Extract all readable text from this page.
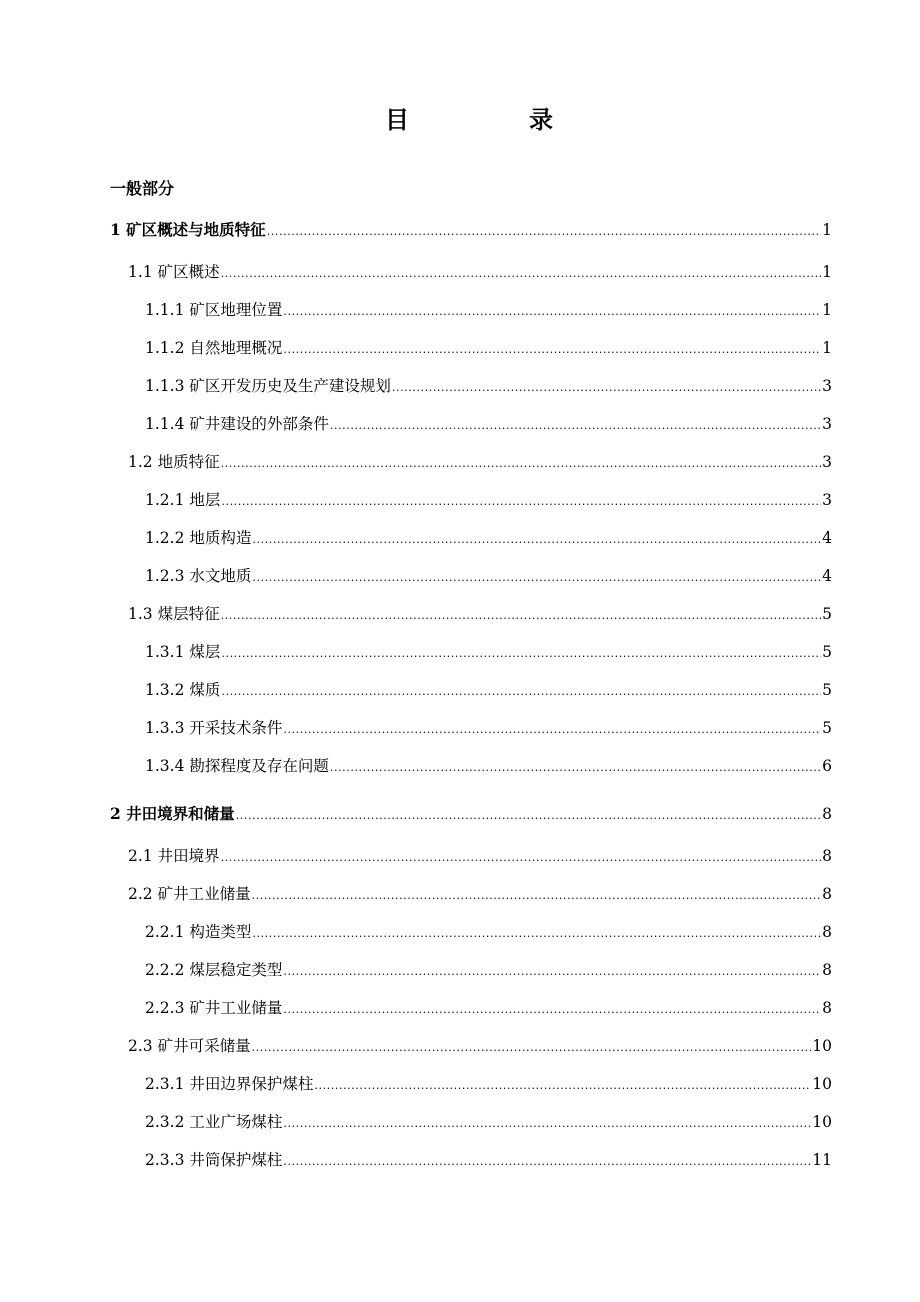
目　录
一般部分
1 矿区概述与地质特征 .....	1
1.1 矿区概述 .....	1
1.1.1 矿区地理位置 .....	1
1.1.2 自然地理概况 .....	1
1.1.3 矿区开发历史及生产建设规划 .....	3
1.1.4 矿井建设的外部条件 .....	3
1.2 地质特征 .....	3
1.2.1 地层 .....	3
1.2.2 地质构造 .....	4
1.2.3 水文地质 .....	4
1.3 煤层特征 .....	5
1.3.1 煤层 .....	5
1.3.2 煤质 .....	5
1.3.3 开采技术条件 .....	5
1.3.4 勘探程度及存在问题 .....	6
2 井田境界和储量 .....	8
2.1 井田境界 .....	8
2.2 矿井工业储量 .....	8
2.2.1 构造类型 .....	8
2.2.2 煤层稳定类型 .....	8
2.2.3 矿井工业储量 .....	8
2.3 矿井可采储量 .....	10
2.3.1 井田边界保护煤柱 .....	10
2.3.2 工业广场煤柱 .....	10
2.3.3 井筒保护煤柱 .....	11
